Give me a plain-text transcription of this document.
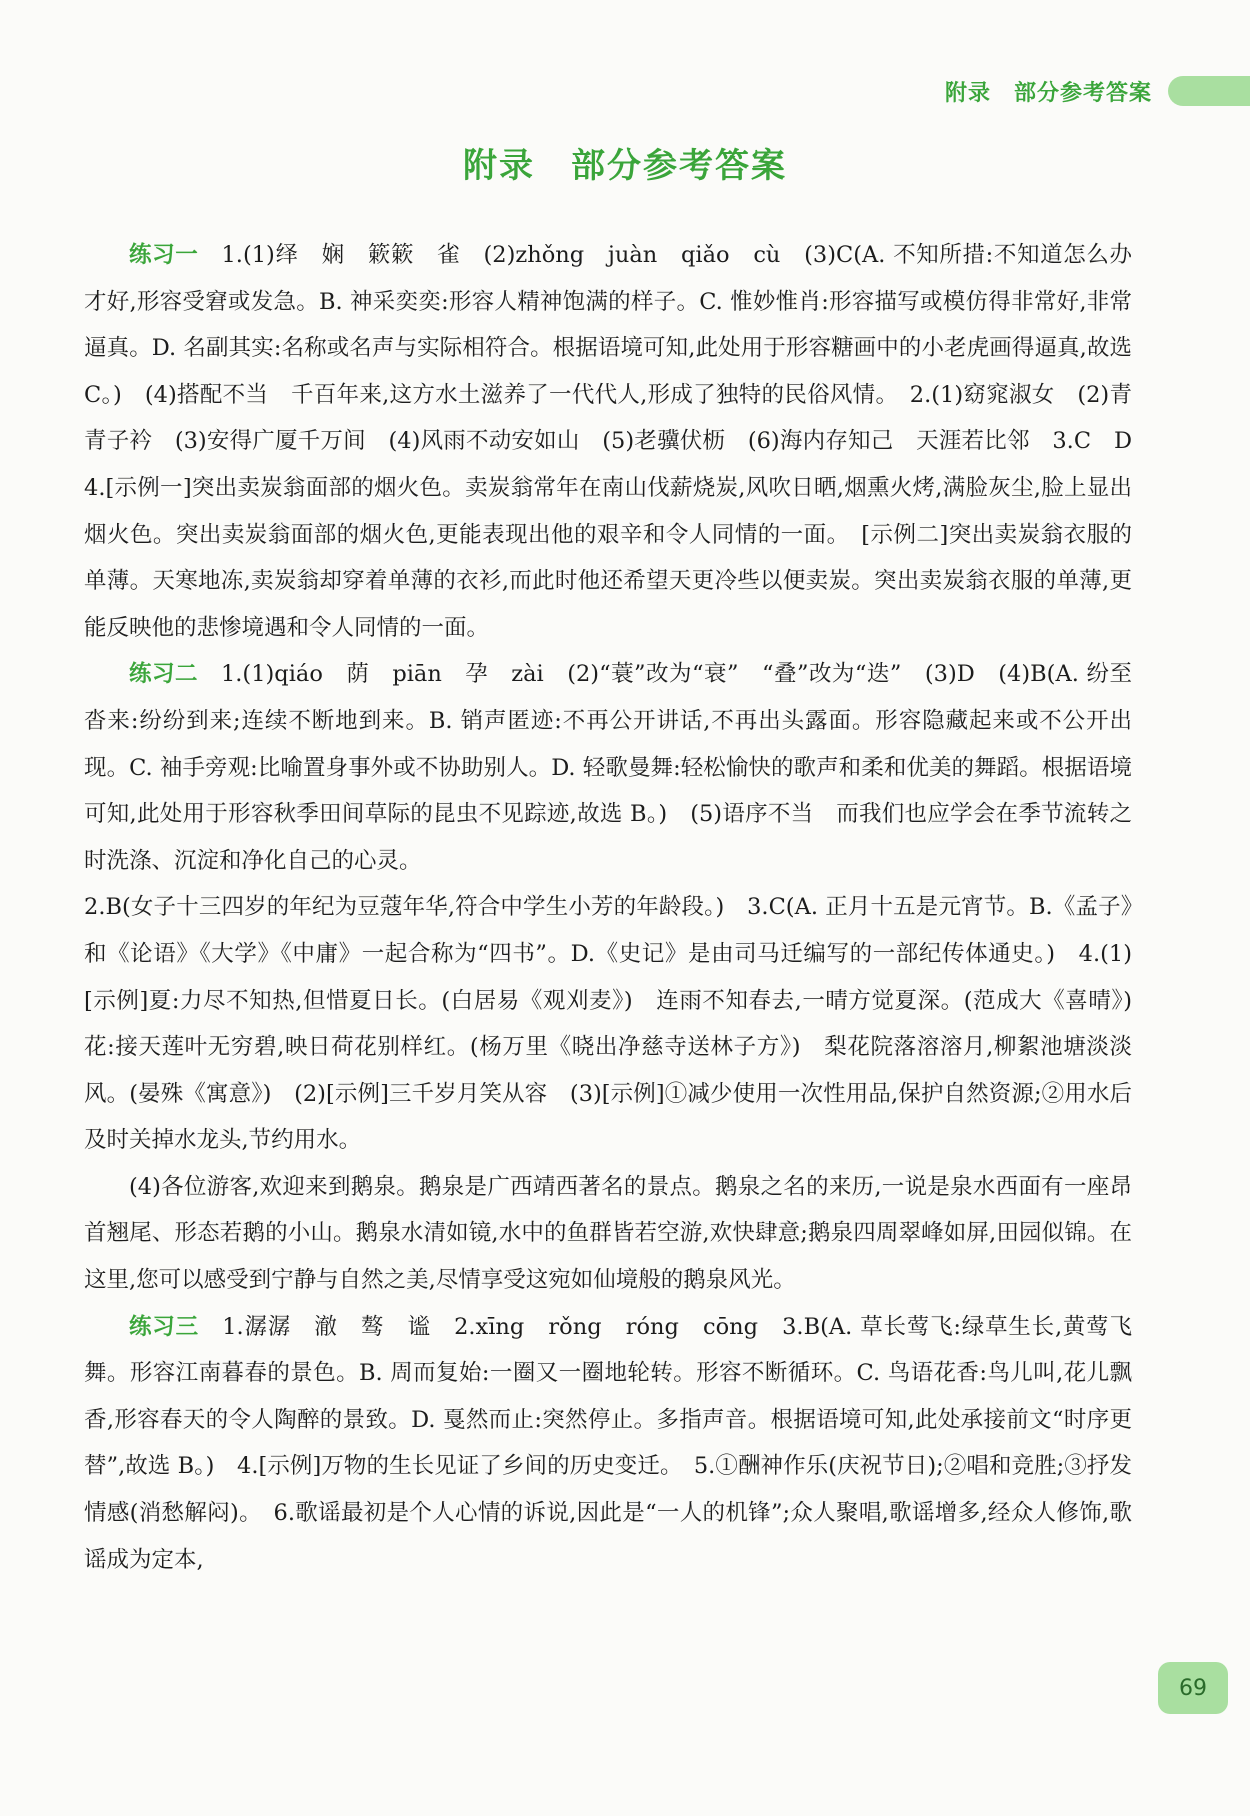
附录　部分参考答案
附录　部分参考答案

练习一　 1.(1)绎　娴　簌簌　雀　(2)zhǒng　juàn　qiǎo　cù　(3)C(A. 不知所措:不知道怎么办才好,形容受窘或发急。B. 神采奕奕:形容人精神饱满的样子。C. 惟妙惟肖:形容描写或模仿得非常好,非常逼真。D. 名副其实:名称或名声与实际相符合。根据语境可知,此处用于形容糖画中的小老虎画得逼真,故选 C。)　(4)搭配不当　千百年来,这方水土滋养了一代代人,形成了独特的民俗风情。　2.(1)窈窕淑女　(2)青青子衿　(3)安得广厦千万间　(4)风雨不动安如山　(5)老骥伏枥　(6)海内存知己　天涯若比邻　3.C　D　4.[示例一]突出卖炭翁面部的烟火色。卖炭翁常年在南山伐薪烧炭,风吹日晒,烟熏火烤,满脸灰尘,脸上显出烟火色。突出卖炭翁面部的烟火色,更能表现出他的艰辛和令人同情的一面。　[示例二]突出卖炭翁衣服的单薄。天寒地冻,卖炭翁却穿着单薄的衣衫,而此时他还希望天更冷些以便卖炭。突出卖炭翁衣服的单薄,更能反映他的悲惨境遇和令人同情的一面。

练习二　 1.(1)qiáo　荫　piān　孕　zài　(2)“蓑”改为“衰”　“叠”改为“迭”　(3)D　(4)B(A. 纷至沓来:纷纷到来;连续不断地到来。B. 销声匿迹:不再公开讲话,不再出头露面。形容隐藏起来或不公开出现。C. 袖手旁观:比喻置身事外或不协助别人。D. 轻歌曼舞:轻松愉快的歌声和柔和优美的舞蹈。根据语境可知,此处用于形容秋季田间草际的昆虫不见踪迹,故选 B。)　(5)语序不当　而我们也应学会在季节流转之时洗涤、沉淀和净化自己的心灵。

2.B(女子十三四岁的年纪为豆蔻年华,符合中学生小芳的年龄段。)　3.C(A. 正月十五是元宵节。B.《孟子》和《论语》《大学》《中庸》一起合称为“四书”。D.《史记》是由司马迁编写的一部纪传体通史。)　4.(1)[示例]夏:力尽不知热,但惜夏日长。(白居易《观刈麦》)　连雨不知春去,一晴方觉夏深。(范成大《喜晴》)　花:接天莲叶无穷碧,映日荷花别样红。(杨万里《晓出净慈寺送林子方》)　梨花院落溶溶月,柳絮池塘淡淡风。(晏殊《寓意》)　(2)[示例]三千岁月笑从容　(3)[示例]①减少使用一次性用品,保护自然资源;②用水后及时关掉水龙头,节约用水。

(4)各位游客,欢迎来到鹅泉。鹅泉是广西靖西著名的景点。鹅泉之名的来历,一说是泉水西面有一座昂首翘尾、形态若鹅的小山。鹅泉水清如镜,水中的鱼群皆若空游,欢快肆意;鹅泉四周翠峰如屏,田园似锦。在这里,您可以感受到宁静与自然之美,尽情享受这宛如仙境般的鹅泉风光。

练习三　 1.潺潺　澈　骜　谧　2.xīng　rǒng　róng　cōng　3.B(A. 草长莺飞:绿草生长,黄莺飞舞。形容江南暮春的景色。B. 周而复始:一圈又一圈地轮转。形容不断循环。C. 鸟语花香:鸟儿叫,花儿飘香,形容春天的令人陶醉的景致。D. 戛然而止:突然停止。多指声音。根据语境可知,此处承接前文“时序更替”,故选 B。)　4.[示例]万物的生长见证了乡间的历史变迁。　5.①酬神作乐(庆祝节日);②唱和竞胜;③抒发情感(消愁解闷)。　6.歌谣最初是个人心情的诉说,因此是“一人的机锋”;众人聚唱,歌谣增多,经众人修饰,歌谣成为定本,

69
